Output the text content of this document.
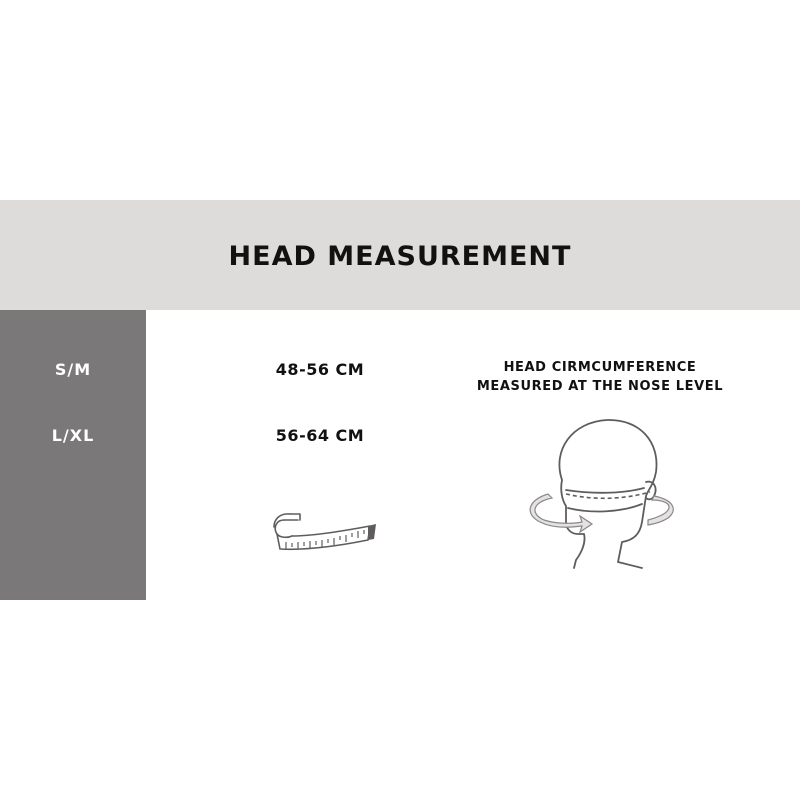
HEAD MEASUREMENT
S/M
L/XL
48-56 CM
56-64 CM
HEAD CIRMCUMFERENCE
MEASURED AT THE NOSE LEVEL
